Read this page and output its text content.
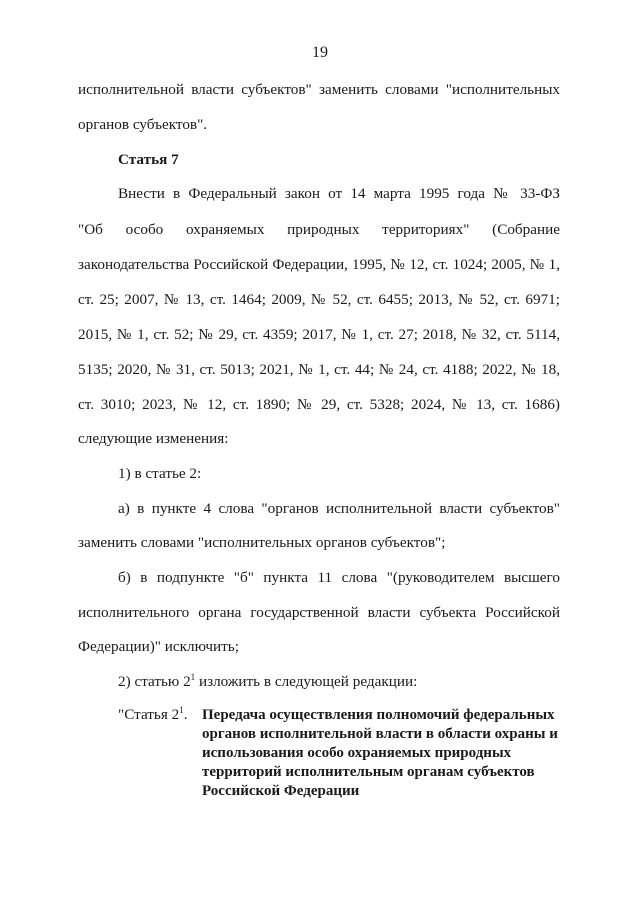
19
исполнительной власти субъектов" заменить словами "исполнительных
органов субъектов".
Статья 7
Внести в Федеральный закон от 14 марта 1995 года № 33-ФЗ
"Об особо охраняемых природных территориях" (Собрание
законодательства Российской Федерации, 1995, № 12, ст. 1024; 2005, № 1,
ст. 25; 2007, № 13, ст. 1464; 2009, № 52, ст. 6455; 2013, № 52, ст. 6971;
2015, № 1, ст. 52; № 29, ст. 4359; 2017, № 1, ст. 27; 2018, № 32, ст. 5114,
5135; 2020, № 31, ст. 5013; 2021, № 1, ст. 44; № 24, ст. 4188; 2022, № 18,
ст. 3010; 2023, № 12, ст. 1890; № 29, ст. 5328; 2024, № 13, ст. 1686)
следующие изменения:
1) в статье 2:
а) в пункте 4 слова "органов исполнительной власти субъектов"
заменить словами "исполнительных органов субъектов";
б) в подпункте "б" пункта 11 слова "(руководителем высшего
исполнительного органа государственной власти субъекта Российской
Федерации)" исключить;
2) статью $2^1$ изложить в следующей редакции:
"Статья $2^1$. Передача осуществления полномочий федеральных
органов исполнительной власти в области охраны и
использования особо охраняемых природных
территорий исполнительным органам субъектов
Российской Федерации
